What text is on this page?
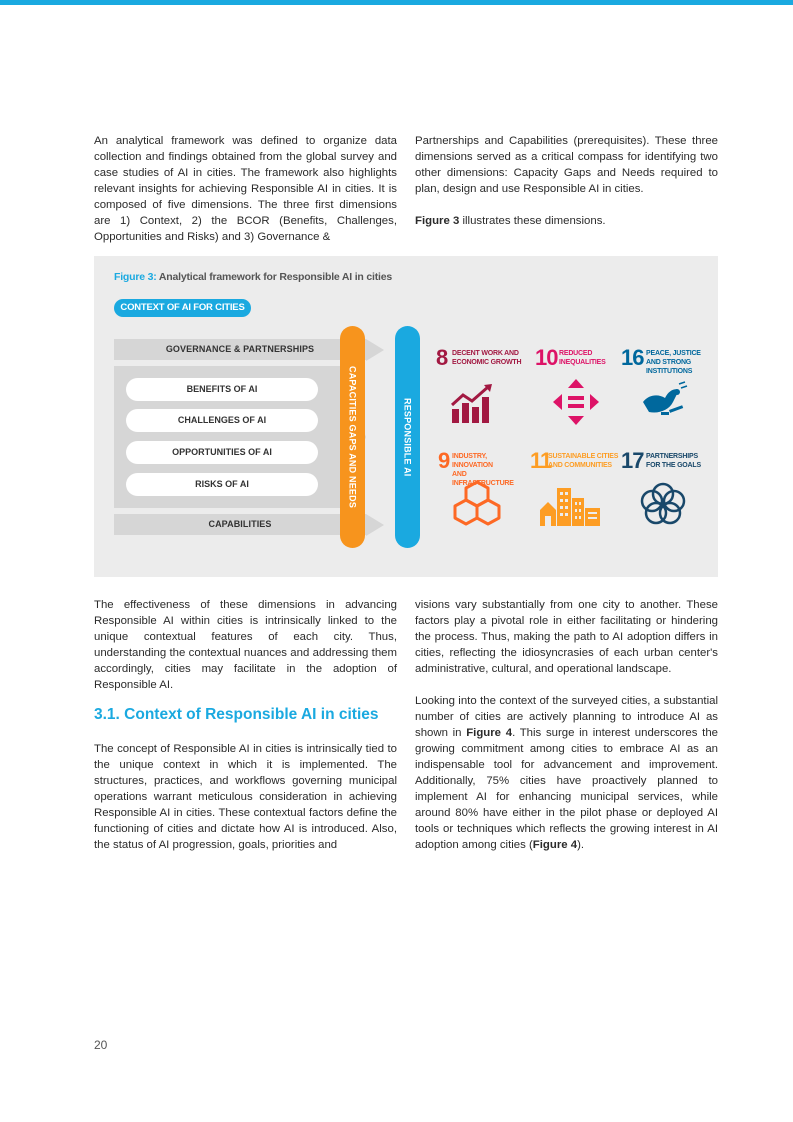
An analytical framework was defined to organize data collection and findings obtained from the global survey and case studies of AI in cities. The framework also highlights relevant insights for achieving Responsible AI in cities. It is composed of five dimensions. The three first dimensions are 1) Context, 2) the BCOR (Benefits, Challenges, Opportunities and Risks) and 3) Governance &

Partnerships and Capabilities (prerequisites). These three dimensions served as a critical compass for identifying two other dimensions: Capacity Gaps and Needs required to plan, design and use Responsible AI in cities.

Figure 3 illustrates these dimensions.

Figure 3: Analytical framework for Responsible AI in cities
CONTEXT OF AI FOR CITIES
GOVERNANCE & PARTNERSHIPS
BENEFITS OF AI
CHALLENGES OF AI
OPPORTUNITIES OF AI
RISKS OF AI
CAPABILITIES
CAPACITIES GAPS AND NEEDS	RESPONSIBLE AI
8 DECENT WORK AND
ECONOMIC GROWTH 10 REDUCED
INEQUALITIES 16 PEACE, JUSTICE
AND STRONG
INSTITUTIONS
9 INDUSTRY, INNOVATION
AND INFRASTRUCTURE
11
SUSTAINABLE CITIES
AND COMMUNITIES 17 PARTNERSHIPS
FOR THE GOALS

The effectiveness of these dimensions in advancing Responsible AI within cities is intrinsically linked to the unique contextual features of each city. Thus, understanding the contextual nuances and addressing them accordingly, cities may facilitate in the adoption of Responsible AI.

visions vary substantially from one city to another. These factors play a pivotal role in either facilitating or hindering the process. Thus, making the path to AI adoption differs in cities, reflecting the idiosyncrasies of each urban center's administrative, cultural, and operational landscape.

3.1. Context of Responsible AI in cities

Looking into the context of the surveyed cities, a substantial number of cities are actively planning to introduce AI as shown in Figure 4. This surge in interest underscores the growing commitment among cities to embrace AI as an indispensable tool for advancement and improvement. Additionally, 75% cities have proactively planned to implement AI for enhancing municipal services, while around 80% have either in the pilot phase or deployed AI tools or techniques which reflects the growing interest in AI adoption among cities (Figure 4).

The concept of Responsible AI in cities is intrinsically tied to the unique context in which it is implemented. The structures, practices, and workflows governing municipal operations warrant meticulous consideration in achieving Responsible AI in cities. These contextual factors define the functioning of cities and dictate how AI is introduced. Also, the status of AI progression, goals, priorities and

20
